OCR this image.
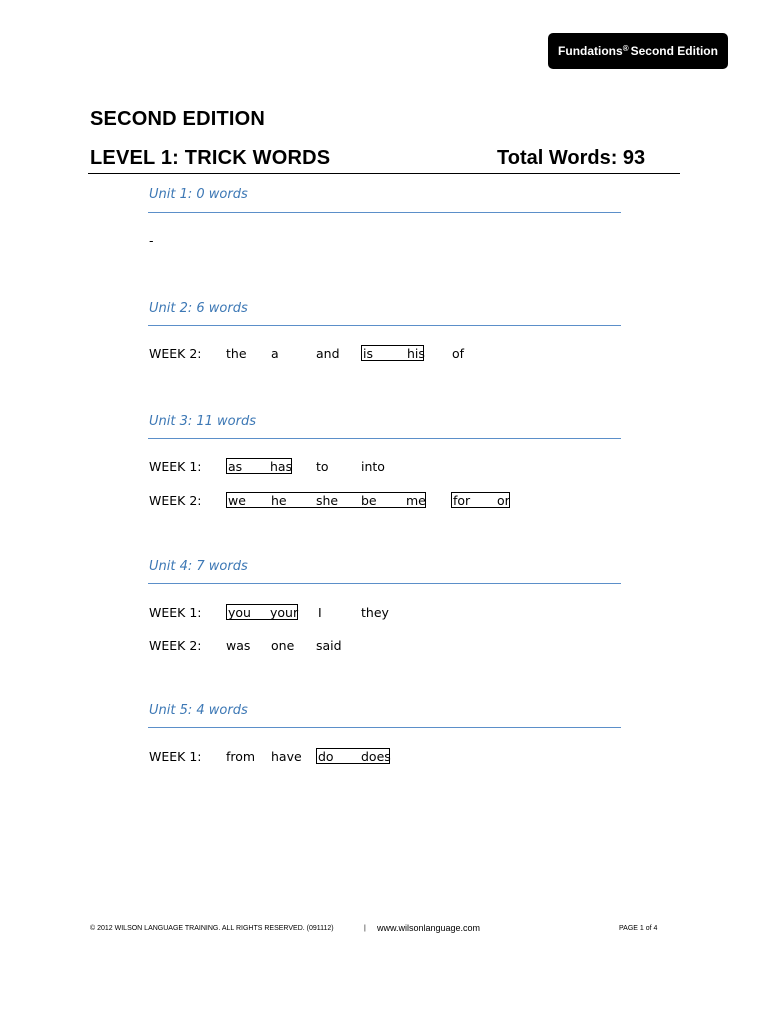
Fundations® Second Edition
SECOND EDITION
LEVEL 1: TRICK WORDS	Total Words: 93
Unit 1: 0 words
-
Unit 2: 6 words
WEEK 2: the a	and is	his of
Unit 3: 11 words
WEEK 1: as has to	into
WEEK 2: we he she be me for or
Unit 4: 7 words
WEEK 1: you your I	they
WEEK 2: was one said
Unit 5: 4 words
WEEK 1: from have do does
© 2012 WILSON LANGUAGE TRAINING. ALL RIGHTS RESERVED. (091112)	| www.wilsonlanguage.com	PAGE 1 of 4
